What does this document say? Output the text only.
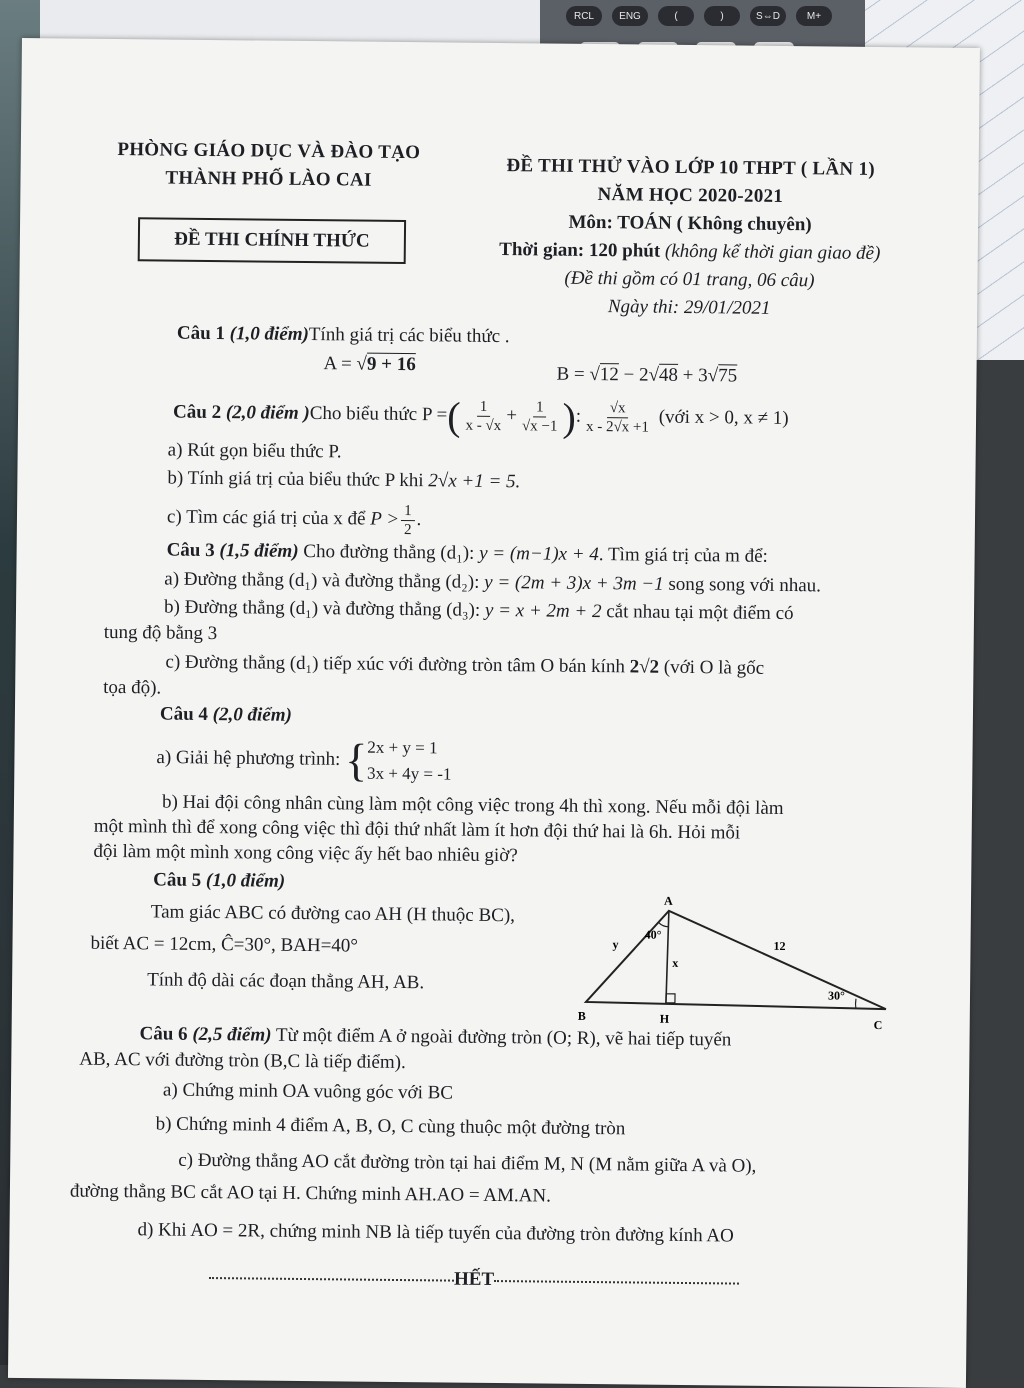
RCL	ENG	(	)	S⇔D	M+
PHÒNG GIÁO DỤC VÀ ĐÀO TẠO
THÀNH PHỐ LÀO CAI
ĐỀ THI CHÍNH THỨC
ĐỀ THI THỬ VÀO LỚP 10 THPT ( LẦN 1)
NĂM HỌC 2020-2021
Môn: TOÁN ( Không chuyên)
Thời gian: 120 phút (không kể thời gian giao đề)
(Đề thi gồm có 01 trang, 06 câu)
Ngày thi: 29/01/2021
Câu 1 (1,0 điểm)Tính giá trị các biểu thức .
A = √9 + 16	B = √12 − 2√48 + 3√75
Câu 2 (2,0 điểm )Cho biểu thức P =( $\frac{1}{x - √x} + \frac{1}{√x -1}$ ): $\frac{√x}{x - 2√x +1}$ (với x > 0, x ≠ 1)
a) Rút gọn biểu thức P.
b) Tính giá trị của biểu thức P khi 2√x +1 = 5.
c) Tìm các giá trị của x để $P > \frac{1}{2}$ .
Câu 3 (1,5 điểm) Cho đường thẳng (d₁): y = (m−1)x + 4. Tìm giá trị của m để:
a) Đường thẳng (d₁) và đường thẳng (d₂): y = (2m + 3)x + 3m −1 song song với nhau.
b) Đường thẳng (d₁) và đường thẳng (d₃): y = x + 2m + 2 cắt nhau tại một điểm có
tung độ bằng 3
c) Đường thẳng (d₁) tiếp xúc với đường tròn tâm O bán kính 2√2 (với O là gốc
tọa độ).
Câu 4 (2,0 điểm)
a) Giải hệ phương trình: { 2x + y = 1
3x + 4y = -1
b) Hai đội công nhân cùng làm một công việc trong 4h thì xong. Nếu mỗi đội làm
một mình thì để xong công việc thì đội thứ nhất làm ít hơn đội thứ hai là 6h. Hỏi mỗi
đội làm một mình xong công việc ấy hết bao nhiêu giờ?
Câu 5 (1,0 điểm)
Tam giác ABC có đường cao AH (H thuộc BC),
biết AC = 12cm, Ĉ=30°, BAH=40°
Tính độ dài các đoạn thẳng AH, AB.
A
B	H	C
40°
30°
12
y
x
Câu 6 (2,5 điểm) Từ một điểm A ở ngoài đường tròn (O; R), vẽ hai tiếp tuyến
AB, AC với đường tròn (B,C là tiếp điểm).
a) Chứng minh OA vuông góc với BC
b) Chứng minh 4 điểm A, B, O, C cùng thuộc một đường tròn
c) Đường thẳng AO cắt đường tròn tại hai điểm M, N (M nằm giữa A và O),
đường thẳng BC cắt AO tại H. Chứng minh AH.AO = AM.AN.
d) Khi AO = 2R, chứng minh NB là tiếp tuyến của đường tròn đường kính AO
HẾT
